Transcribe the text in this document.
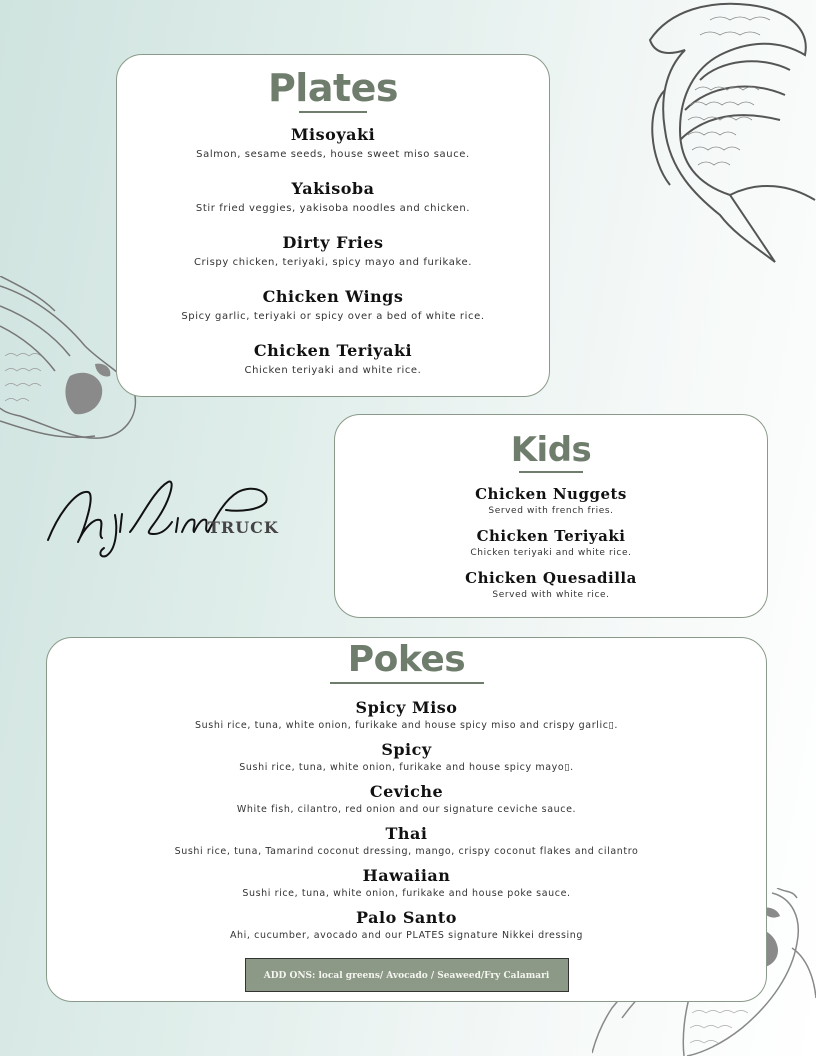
Plates

Misoyaki

Salmon, sesame seeds, house sweet miso sauce.

Yakisoba

Stir fried veggies, yakisoba noodles and chicken.

Dirty Fries

Crispy chicken, teriyaki, spicy mayo and furikake.

Chicken Wings

Spicy garlic, teriyaki or spicy over a bed of white rice.

Chicken Teriyaki

Chicken teriyaki and white rice.

TRUCK
Kids

Chicken Nuggets

Served with french fries.

Chicken Teriyaki

Chicken teriyaki and white rice.

Chicken Quesadilla

Served with white rice.

Pokes

Spicy Miso

Sushi rice, tuna, white onion, furikake and house spicy miso and crispy garlic▯.

Spicy

Sushi rice, tuna, white onion, furikake and house spicy mayo▯.

Ceviche

White fish, cilantro, red onion and our signature ceviche sauce.

Thai

Sushi rice, tuna, Tamarind coconut dressing, mango, crispy coconut flakes and cilantro

Hawaiian

Sushi rice, tuna, white onion, furikake and house poke sauce.

Palo Santo

Ahi, cucumber, avocado and our PLATES signature Nikkei dressing

ADD ONS: local greens/ Avocado / Seaweed/Fry Calamari
